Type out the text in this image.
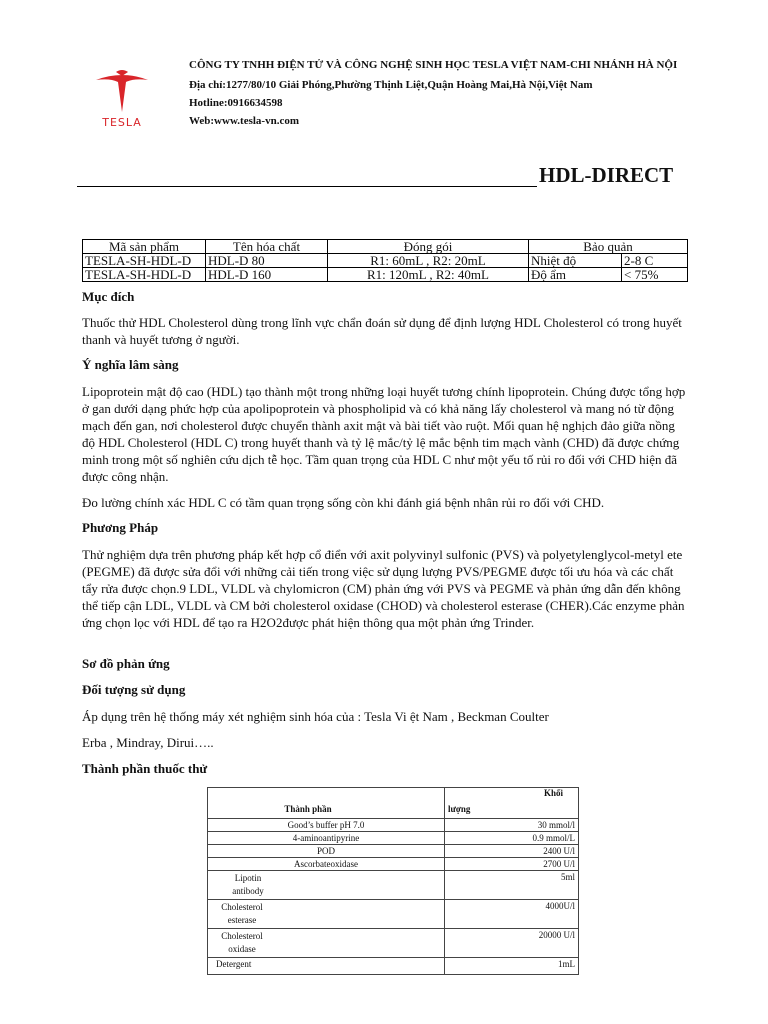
TESLA
CÔNG TY TNHH ĐIỆN TỬ VÀ CÔNG NGHỆ SINH HỌC TESLA VIỆT NAM-CHI NHÁNH HÀ NỘI
Địa chỉ:1277/80/10 Giải Phóng,Phường Thịnh Liệt,Quận Hoàng Mai,Hà Nội,Việt Nam
Hotline:0916634598
Web:www.tesla-vn.com
HDL-DIRECT
Mã sản phẩm	Tên hóa chất	Đóng gói	Bảo quản	
TESLA-SH-HDL-D	HDL-D 80	R1: 60mL , R2: 20mL	Nhiệt độ	2-8 C
TESLA-SH-HDL-D	HDL-D 160	R1: 120mL , R2: 40mL	Độ ẩm	< 75%
Mục đích
Thuốc thử HDL Cholesterol dùng trong lĩnh vực chẩn đoán sử dụng để định lượng HDL Cholesterol có trong huyết thanh và huyết tương ở người.
Ý nghĩa lâm sàng
Lipoprotein mật độ cao (HDL) tạo thành một trong những loại huyết tương chính lipoprotein. Chúng được tổng hợp ở gan dưới dạng phức hợp của apolipoprotein và phospholipid và có khả năng lấy cholesterol và mang nó từ động mạch đến gan, nơi cholesterol được chuyển thành axit mật và bài tiết vào ruột. Mối quan hệ nghịch đảo giữa nồng độ HDL Cholesterol (HDL C) trong huyết thanh và tỷ lệ mắc/tỷ lệ mắc bệnh tim mạch vành (CHD) đã được chứng minh trong một số nghiên cứu dịch tễ học. Tầm quan trọng của HDL C như một yếu tố rủi ro đối với CHD hiện đã được công nhận.
Đo lường chính xác HDL C có tầm quan trọng sống còn khi đánh giá bệnh nhân rủi ro đối với CHD.
Phương Pháp
Thử nghiệm dựa trên phương pháp kết hợp cổ điển với axit polyvinyl sulfonic (PVS) và polyetylenglycol-metyl ete (PEGME) đã được sửa đổi với những cải tiến trong việc sử dụng lượng PVS/PEGME được tối ưu hóa và các chất tẩy rửa được chọn.9 LDL, VLDL và chylomicron (CM) phản ứng với PVS và PEGME và phản ứng dẫn đến không thể tiếp cận LDL, VLDL và CM bởi cholesterol oxidase (CHOD) và cholesterol esterase (CHER).Các enzyme phản ứng chọn lọc với HDL để tạo ra H2O2được phát hiện thông qua một phản ứng Trinder.
Sơ đồ phản ứng
Đối tượng sử dụng
Áp dụng trên hệ thống máy xét nghiệm sinh hóa của : Tesla Vi ệt Nam , Beckman Coulter
Erba , Mindray, Dirui…..
Thành phần thuốc thử
Thành phần	Khối
lượng

Good’s buffer pH 7.0	30 mmol/l
4-aminoantipyrine	0.9 mmol/L
POD	2400 U/l
Ascorbateoxidase	2700 U/l

Lipotin antibody	5ml

Cholesterol esterase	4000U/l

Cholesterol oxidase	20000 U/l
Detergent	1mL
